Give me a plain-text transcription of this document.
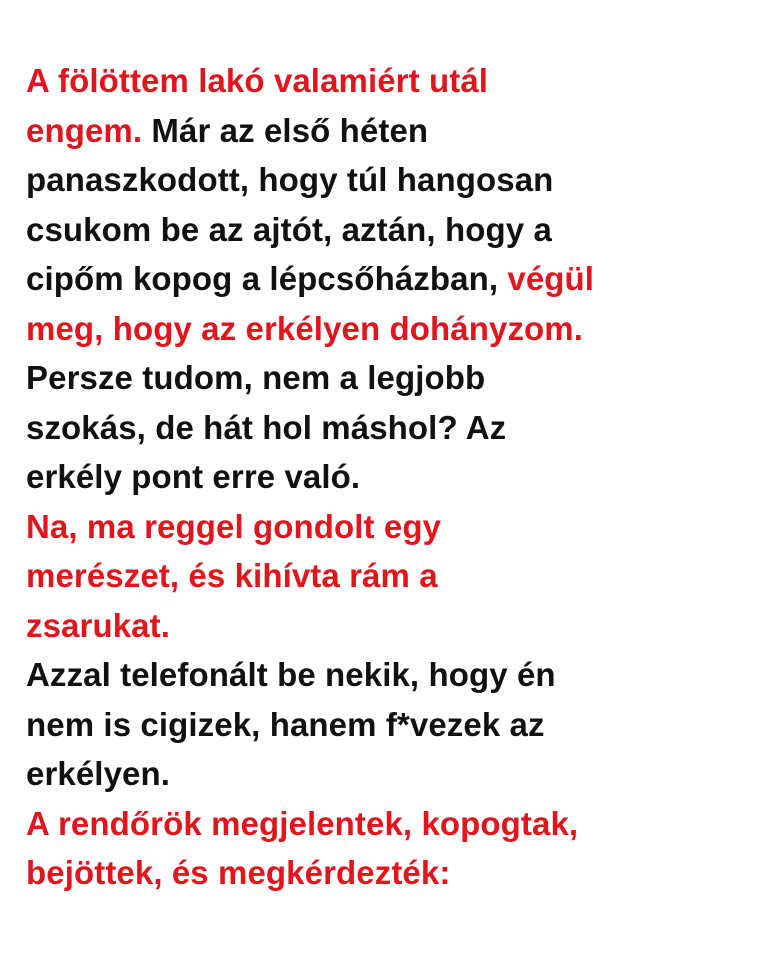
A fölöttem lakó valamiért utál
engem. Már az első héten
panaszkodott, hogy túl hangosan
csukom be az ajtót, aztán, hogy a
cipőm kopog a lépcsőházban, végül
meg, hogy az erkélyen dohányzom.
Persze tudom, nem a legjobb
szokás, de hát hol máshol? Az
erkély pont erre való.
Na, ma reggel gondolt egy
merészet, és kihívta rám a
zsarukat.
Azzal telefonált be nekik, hogy én
nem is cigizek, hanem f*vezek az
erkélyen.
A rendőrök megjelentek, kopogtak,
bejöttek, és megkérdezték:
